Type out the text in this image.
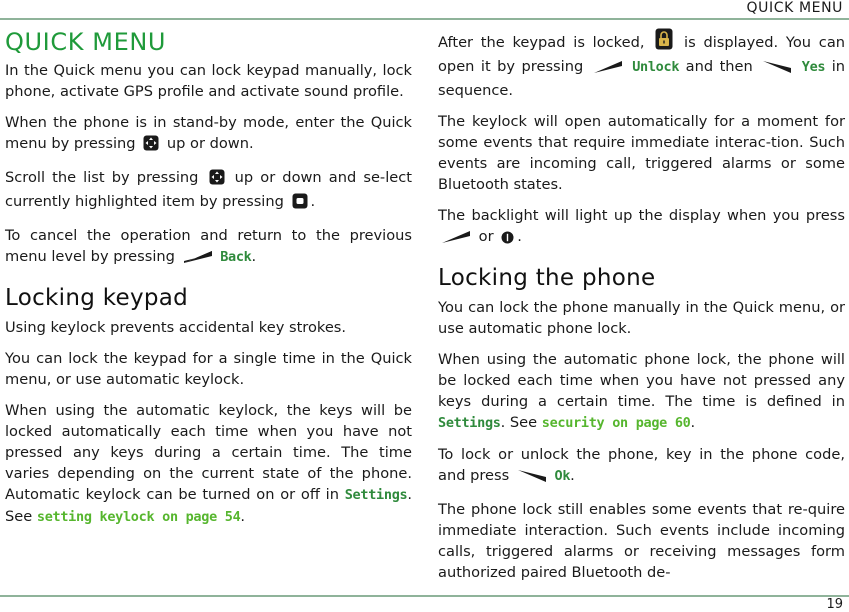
QUICK MENU
QUICK MENU

In the Quick menu you can lock keypad manually, lock phone, activate GPS profile and activate sound profile.

When the phone is in stand-by mode, enter the Quick menu by pressing up or down.

Scroll the list by pressing up or down and se-lect currently highlighted item by pressing .

To cancel the operation and return to the previous menu level by pressing	Back.

Locking keypad

Using keylock prevents accidental key strokes.

You can lock the keypad for a single time in the Quick menu, or use automatic keylock.

When using the automatic keylock, the keys will be locked automatically each time when you have not pressed any keys during a certain time. The time varies depending on the current state of the phone. Automatic keylock can be turned on or off in Settings. See setting keylock on page 54.

After the keypad is locked,	is displayed. You can open it by pressing	Unlock and then	Yes in sequence.

The keylock will open automatically for a moment for some events that require immediate interac-tion. Such events are incoming call, triggered alarms or some Bluetooth states.

The backlight will light up the display when you press  or .

Locking the phone

You can lock the phone manually in the Quick menu, or use automatic phone lock.

When using the automatic phone lock, the phone will be locked each time when you have not pressed any keys during a certain time. The time is defined in Settings. See security on page 60.

To lock or unlock the phone, key in the phone code, and press	Ok.

The phone lock still enables some events that re-quire immediate interaction. Such events include incoming calls, triggered alarms or receiving messages form authorized paired Bluetooth de-

19
